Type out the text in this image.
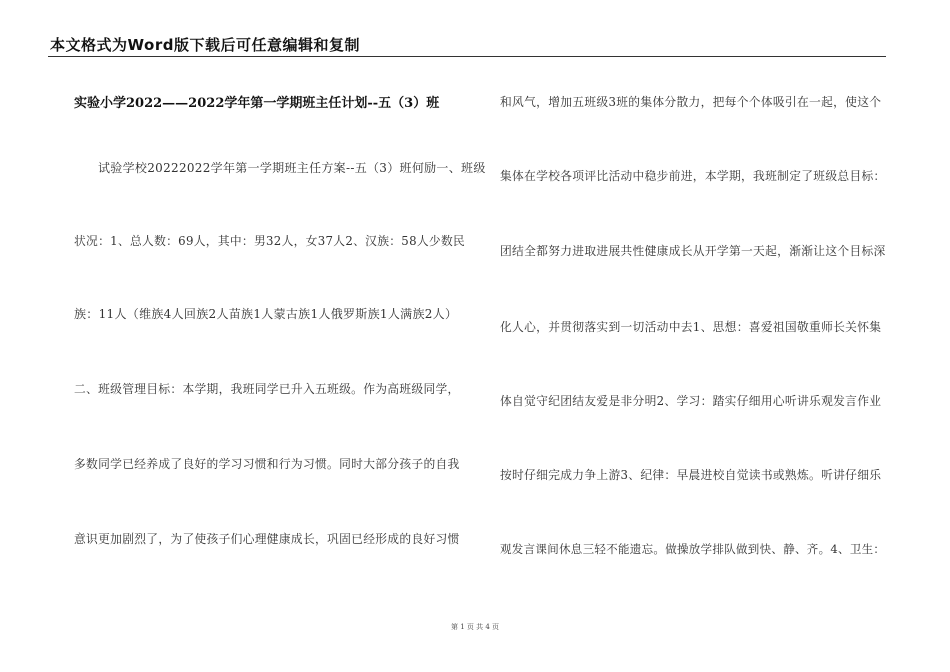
本文格式为Word版下载后可任意编辑和复制
实验小学2022——2022学年第一学期班主任计划--五（3）班
试验学校20222022学年第一学期班主任方案--五（3）班何励一、班级
状况：1、总人数：69人，其中：男32人，女37人2、汉族：58人少数民
族：11人（维族4人回族2人苗族1人蒙古族1人俄罗斯族1人满族2人）
二、班级管理目标：本学期，我班同学已升入五班级。作为高班级同学，
多数同学已经养成了良好的学习习惯和行为习惯。同时大部分孩子的自我
意识更加剧烈了，为了使孩子们心理健康成长，巩固已经形成的良好习惯
和风气，增加五班级3班的集体分散力，把每个个体吸引在一起，使这个
集体在学校各项评比活动中稳步前进，本学期，我班制定了班级总目标：
团结全都努力进取进展共性健康成长从开学第一天起，渐渐让这个目标深
化人心，并贯彻落实到一切活动中去1、思想：喜爱祖国敬重师长关怀集
体自觉守纪团结友爱是非分明2、学习：踏实仔细用心听讲乐观发言作业
按时仔细完成力争上游3、纪律：早晨进校自觉读书或熟炼。听讲仔细乐
观发言课间休息三轻不能遗忘。做操放学排队做到快、静、齐。4、卫生：
第 1 页 共 4 页
